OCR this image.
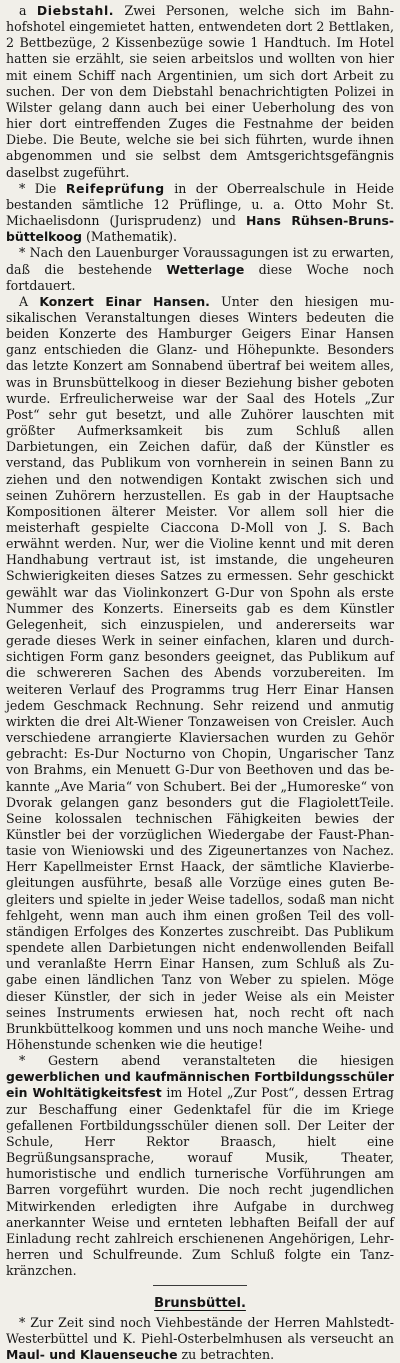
a Diebstahl. Zwei Personen, welche sich im Bahnhofshotel eingemietet hatten, entwendeten dort 2 Bettlaken, 2 Bettbezüge, 2 Kissenbezüge sowie 1 Handtuch. Im Hotel hatten sie erzählt, sie seien arbeitslos und wollten von hier mit einem Schiff nach Argentinien, um sich dort Arbeit zu suchen. Der von dem Diebstahl benachrichtigten Polizei in Wilster gelang dann auch bei einer Ueberholung des von hier dort eintreffenden Zuges die Festnahme der beiden Diebe. Die Beute, welche sie bei sich führten, wurde ihnen abgenommen und sie selbst dem Amtsgerichtsgefängnis daselbst zugeführt.

* Die Reifeprüfung in der Oberrealschule in Heide bestanden sämtliche 12 Prüflinge, u. a. Otto Mohr St. Michaelisdonn (Jurisprudenz) und Hans Rühsen-Brunsbüttelkoog (Mathematik).

* Nach den Lauenburger Voraussagungen ist zu erwarten, daß die bestehende Wetterlage diese Woche noch fortdauert.

A Konzert Einar Hansen. Unter den hiesigen musikalischen Veranstaltungen dieses Winters bedeuten die beiden Konzerte des Hamburger Geigers Einar Hansen ganz entschieden die Glanz- und Höhepunkte. Besonders das letzte Konzert am Sonnabend übertraf bei weitem alles, was in Brunsbüttelkoog in dieser Beziehung bisher geboten wurde. Erfreulicherweise war der Saal des Hotels „Zur Post“ sehr gut besetzt, und alle Zuhörer lauschten mit größter Aufmerksamkeit bis zum Schluß allen Darbietungen, ein Zeichen dafür, daß der Künstler es verstand, das Publikum von vornherein in seinen Bann zu ziehen und den notwendigen Kontakt zwischen sich und seinen Zuhörern herzustellen. Es gab in der Hauptsache Kompositionen älterer Meister. Vor allem soll hier die meisterhaft gespielte Ciaccona D-Moll von J. S. Bach erwähnt werden. Nur, wer die Violine kennt und mit deren Handhabung vertraut ist, ist imstande, die ungeheuren Schwierigkeiten dieses Satzes zu ermessen. Sehr geschickt gewählt war das Violinkonzert G-Dur von Spohn als erste Nummer des Konzerts. Einerseits gab es dem Künstler Gelegenheit, sich einzuspielen, und andererseits war gerade dieses Werk in seiner einfachen, klaren und durchsichtigen Form ganz besonders geeignet, das Publikum auf die schwereren Sachen des Abends vorzubereiten. Im weiteren Verlauf des Programms trug Herr Einar Hansen jedem Geschmack Rechnung. Sehr reizend und anmutig wirkten die drei Alt-Wiener Tonzaweisen von Creisler. Auch verschiedene arrangierte Klaviersachen wurden zu Gehör gebracht: Es-Dur Nocturno von Chopin, Ungarischer Tanz von Brahms, ein Menuett G-Dur von Beethoven und das bekannte „Ave Maria“ von Schubert. Bei der „Humoreske“ von Dvorak gelangen ganz besonders gut die FlagiolettTeile. Seine kolossalen technischen Fähigkeiten bewies der Künstler bei der vorzüglichen Wiedergabe der Faust-Phantasie von Wieniowski und des Zigeunertanzes von Nachez. Herr Kapellmeister Ernst Haack, der sämtliche Klavierbegleitungen ausführte, besaß alle Vorzüge eines guten Begleiters und spielte in jeder Weise tadellos, sodaß man nicht fehlgeht, wenn man auch ihm einen großen Teil des vollständigen Erfolges des Konzertes zuschreibt. Das Publikum spendete allen Darbietungen nicht endenwollenden Beifall und veranlaßte Herrn Einar Hansen, zum Schluß als Zugabe einen ländlichen Tanz von Weber zu spielen. Möge dieser Künstler, der sich in jeder Weise als ein Meister seines Instruments erwiesen hat, noch recht oft nach Brunkbüttelkoog kommen und uns noch manche Weihe- und Höhenstunde schenken wie die heutige!

* Gestern abend veranstalteten die hiesigen gewerblichen und kaufmännischen Fortbildungsschüler ein Wohltätigkeitsfest im Hotel „Zur Post“, dessen Ertrag zur Beschaffung einer Gedenktafel für die im Kriege gefallenen Fortbildungsschüler dienen soll. Der Leiter der Schule, Herr Rektor Braasch, hielt eine Begrüßungsansprache, worauf Musik, Theater, humoristische und endlich turnerische Vorführungen am Barren vorgeführt wurden. Die noch recht jugendlichen Mitwirkenden erledigten ihre Aufgabe in durchweg anerkannter Weise und ernteten lebhaften Beifall der auf Einladung recht zahlreich erschienenen Angehörigen, Lehrherren und Schulfreunde. Zum Schluß folgte ein Tanzkränzchen.

Brunsbüttel.

* Zur Zeit sind noch Viehbestände der Herren Mahlstedt-Westerbüttel und K. Piehl-Osterbelmhusen als verseucht an Maul- und Klauenseuche zu betrachten.
